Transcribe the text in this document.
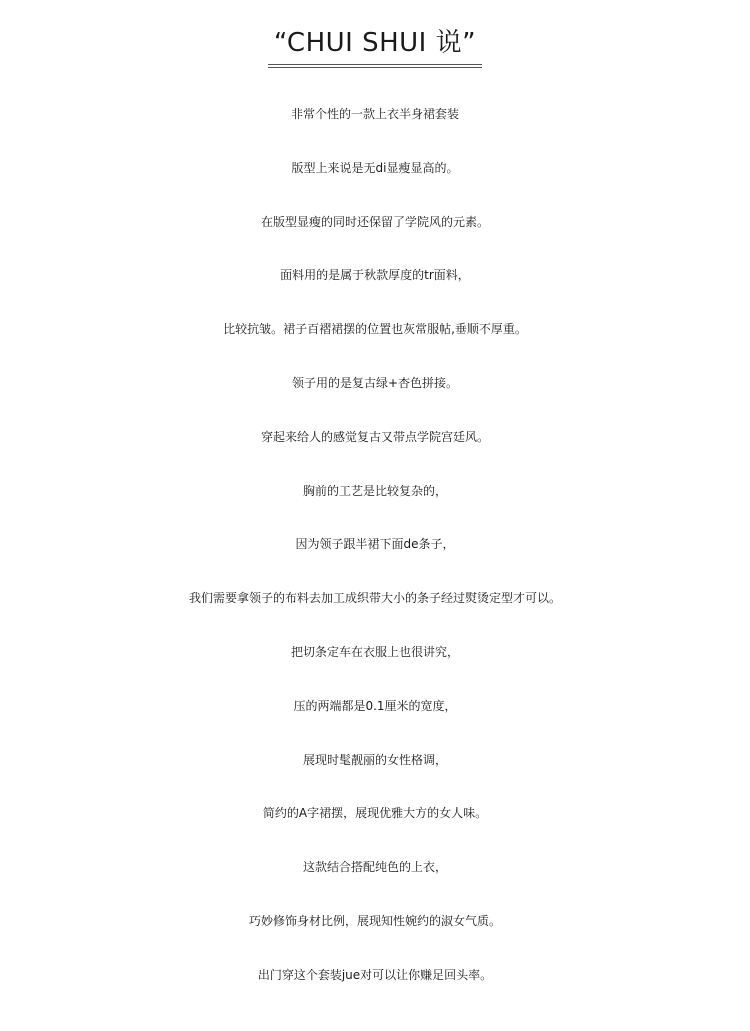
“CHUI SHUI 说”
非常个性的一款上衣半身裙套装
版型上来说是无di显瘦显高的。
在版型显瘦的同时还保留了学院风的元素。
面料用的是属于秋款厚度的tr面料，
比较抗皱。裙子百褶裙摆的位置也灰常服帖,垂顺不厚重。
领子用的是复古绿+杏色拼接。
穿起来给人的感觉复古又带点学院宫廷风。
胸前的工艺是比较复杂的，
因为领子跟半裙下面de条子，
我们需要拿领子的布料去加工成织带大小的条子经过熨烫定型才可以。
把切条定车在衣服上也很讲究，
压的两端都是0.1厘米的宽度，
展现时髦靓丽的女性格调，
简约的A字裙摆，展现优雅大方的女人味。
这款结合搭配纯色的上衣，
巧妙修饰身材比例，展现知性婉约的淑女气质。
出门穿这个套装jue对可以让你赚足回头率。
